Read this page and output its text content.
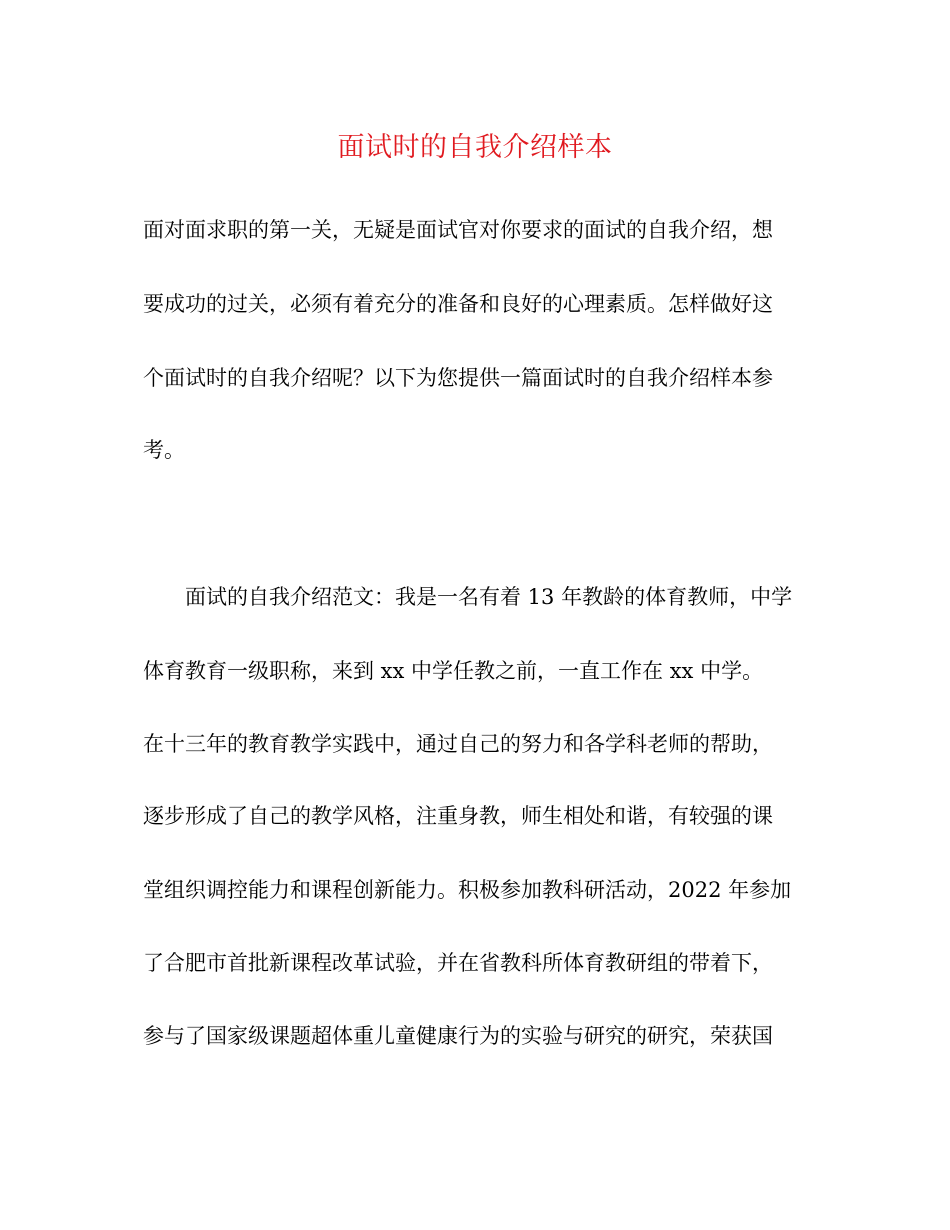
面试时的自我介绍样本
面对面求职的第一关，无疑是面试官对你要求的面试的自我介绍，想
要成功的过关，必须有着充分的准备和良好的心理素质。怎样做好这
个面试时的自我介绍呢？以下为您提供一篇面试时的自我介绍样本参
考。
面试的自我介绍范文：我是一名有着 13 年教龄的体育教师，中学
体育教育一级职称，来到 xx 中学任教之前，一直工作在 xx 中学。
在十三年的教育教学实践中，通过自己的努力和各学科老师的帮助，
逐步形成了自己的教学风格，注重身教，师生相处和谐，有较强的课
堂组织调控能力和课程创新能力。积极参加教科研活动，2022 年参加
了合肥市首批新课程改革试验，并在省教科所体育教研组的带着下，
参与了国家级课题超体重儿童健康行为的实验与研究的研究，荣获国
